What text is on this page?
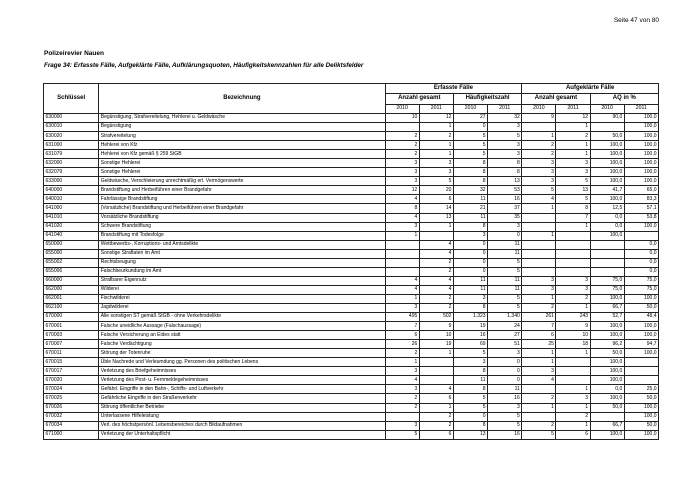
Seite 47 von 80
Polizeirevier Nauen
Frage 34: Erfasste Fälle, Aufgeklärte Fälle, Aufklärungsquoten, Häufigkeitskennzahlen für alle Deliktsfelder
Schlüssel	Bezeichnung	Erfasste Fälle				Aufgeklärte Fälle			
		Anzahl gesamt		Häufigkeitszahl		Anzahl gesamt		AQ in %	
		2010	2011	2010	2011	2010	2011	2010	2011
630000	Begünstigung, Strafvereitelung, Hehlerei u. Geldwäsche	10	12	27	32	9	12	90,0	100,0
630010	Begünstigung		1	0	3		1		100,0
630020	Strafvereitelung	2	2	5	5	1	2	50,0	100,0
631000	Hehlerei von Kfz	2	1	5	3	2	1	100,0	100,0
631079	Hehlerei von Kfz gemäß § 259 StGB	2	1	5	3	2	1	100,0	100,0
632000	Sonstige Hehlerei	3	3	8	8	3	3	100,0	100,0
632079	Sonstige Hehlerei	3	3	8	8	3	3	100,0	100,0
633000	Geldwäsche, Verschleierung unrechtmäßig erl. Vermögenswerte	3	5	8	13	3	5	100,0	100,0
640000	Brandstiftung und Herbeiführen einer Brandgefahr	12	20	32	53	5	13	41,7	65,0
640010	Fahrlässige Brandstiftung	4	6	11	16	4	5	100,0	83,3
641000	(Vorsätzliche) Brandstiftung und Herbeiführen einer Brandgefahr	8	14	21	37	1	8	12,5	57,1
641010	Vorsätzliche Brandstiftung	4	13	11	35		7	0,0	53,8
641020	Schwere Brandstiftung	3	1	8	3		1	0,0	100,0
641040	Brandstiftung mit Todesfolge	1		3	0	1		100,0	
650000	Wettbewerbs-, Korruptions- und Amtsdelikte		4	0	11				0,0
655000	Sonstige Straftaten im Amt		4	0	11				0,0
655002	Rechtsbeugung		2	0	5				0,0
655006	Falschbeurkundung im Amt		2	0	5				0,0
660000	Strafbarer Eigennutz	4	4	11	11	3	3	75,0	75,0
662000	Wilderei	4	4	11	11	3	3	75,0	75,0
662001	Fischwilderei	1	2	3	5	1	2	100,0	100,0
662100	Jagdwilderei	3	2	8	5	2	1	66,7	50,0
670000	Alle sonstigen ST gemäß StGB - ohne Verkehrsdelikte	495	502	1.323	1.340	261	243	52,7	48,4
670001	Falsche uneidliche Aussage (Falschaussage)	7	9	19	24	7	9	100,0	100,0
670003	Falsche Versicherung an Eides statt	6	10	16	27	6	10	100,0	100,0
670007	Falsche Verdächtigung	26	19	69	51	25	18	96,2	94,7
670011	Störung der Totenruhe	2	1	5	3	1	1	50,0	100,0
670015	Üble Nachrede und Verleumdung gg. Personen des politischen Lebens	1		3	0	1		100,0	
670017	Verletzung des Briefgeheimnisses	3		8	0	3		100,0	
670020	Verletzung des Post- u. Fernmeldegeheimnisses	4		11	0	4		100,0	
670024	Gefährl. Eingriffe in den Bahn-, Schiffs- und Luftverkehr	3	4	8	11		1	0,0	25,0
670025	Gefährliche Eingriffe in den Straßenverkehr	2	6	5	16	2	3	100,0	50,0
670026	Störung öffentlicher Betriebe	2	1	5	3	1	1	50,0	100,0
670032	Unterlassene Hilfeleistung		2	0	5		2		100,0
670034	Verl. des höchstpersönl. Lebensbereiches durch Bildaufnahmen	3	2	8	5	2	1	66,7	50,0
671000	Verletzung der Unterhaltspflicht	5	6	13	16	5	6	100,0	100,0
